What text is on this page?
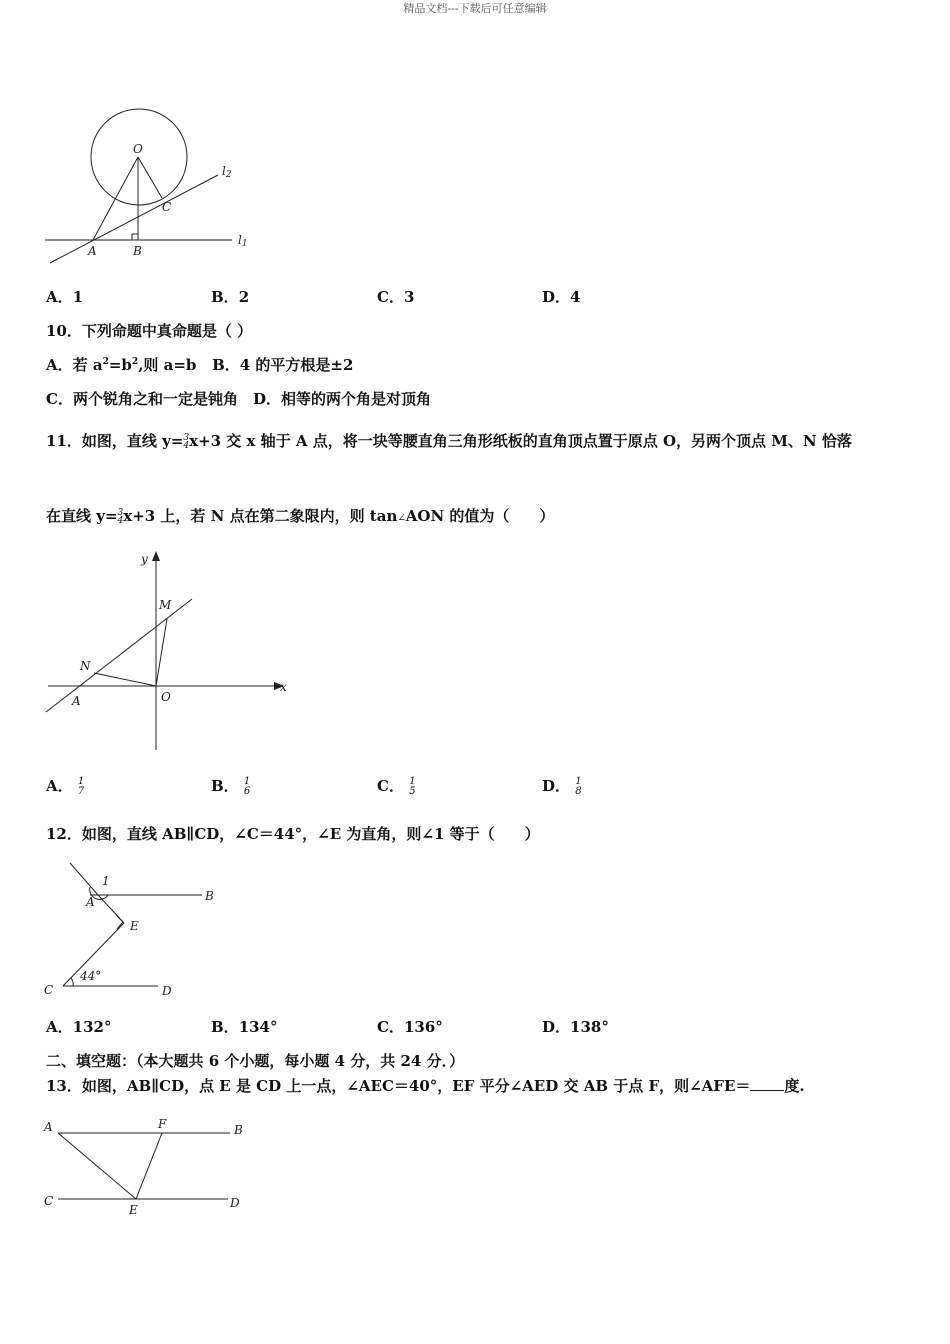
精品文档---下载后可任意编辑
O
C
A	B
l2
l1
A．1	B．2	C．3	D．4
10．下列命题中真命题是（ ）
A．若 $a^2=b^2$,则 a=b B．4 的平方根是±2
C．两个锐角之和一定是钝角　D．相等的两个角是对顶角
11．如图，直线 y= 3
4 x+3 交 x 轴于 A 点，将一块等腰直角三角形纸板的直角顶点置于原点 O，另两个顶点 M、N 恰落
在直线 y= 3
4 x+3 上，若 N 点在第二象限内，则 tan∠AON 的值为（　　）
y
x
M
N
A	O
A． 1
7	B． 1
6	C． 1
5	D． 1
8
12．如图，直线 AB∥CD，∠C＝44°，∠E 为直角，则∠1 等于（　　）
1
A	B
E
44°
C	D
A．132°	B．134°	C．136°	D．138°
二、填空题：（本大题共 6 个小题，每小题 4 分，共 24 分．）
13．如图，AB∥CD，点 E 是 CD 上一点，∠AEC＝40°，EF 平分∠AED 交 AB 于点 F，则∠AFE＝ 度.
A	F	B
C
E	D
